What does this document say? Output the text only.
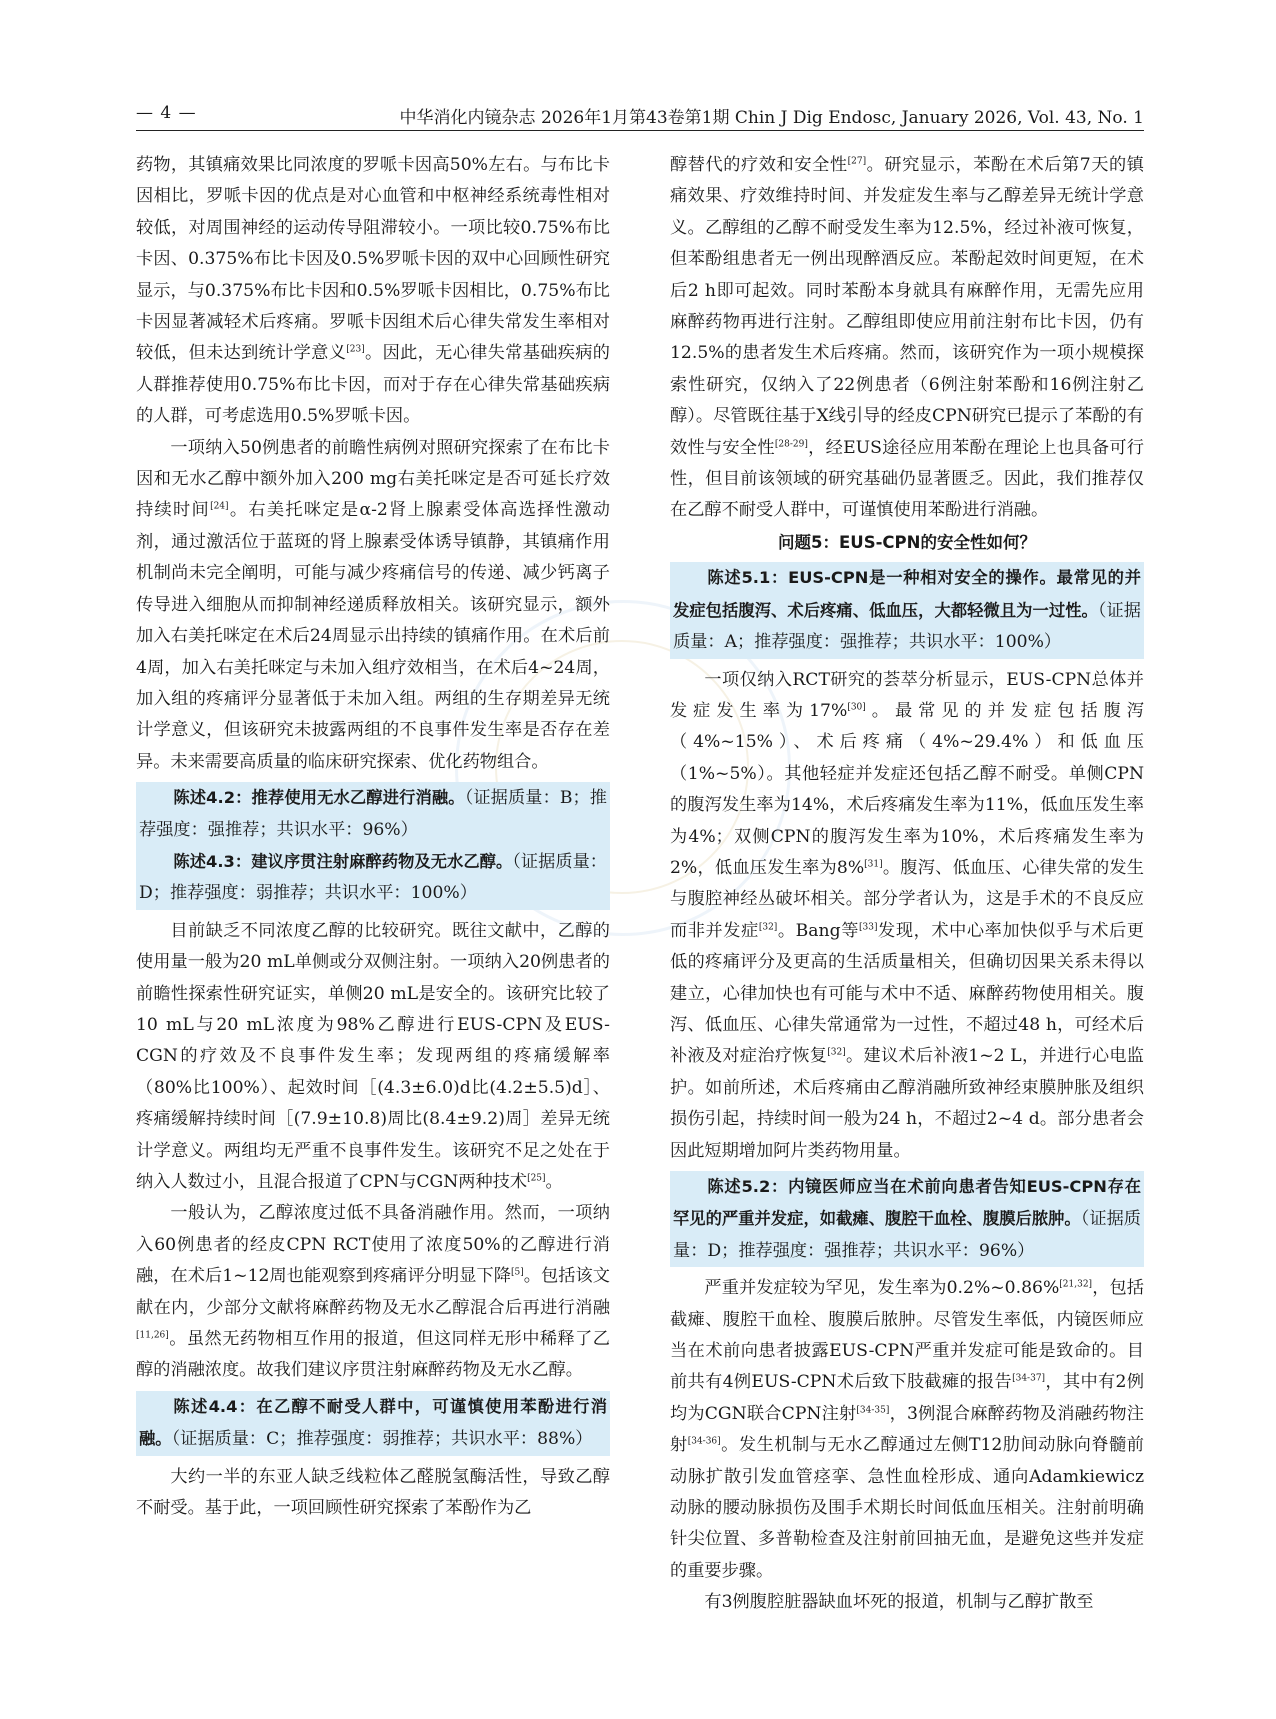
— 4 —	中华消化内镜杂志 2026年1月第43卷第1期 Chin J Dig Endosc, January 2026, Vol. 43, No. 1

药物，其镇痛效果比同浓度的罗哌卡因高50%左右。与布比卡因相比，罗哌卡因的优点是对心血管和中枢神经系统毒性相对较低，对周围神经的运动传导阻滞较小。一项比较0.75%布比卡因、0.375%布比卡因及0.5%罗哌卡因的双中心回顾性研究显示，与0.375%布比卡因和0.5%罗哌卡因相比，0.75%布比卡因显著减轻术后疼痛。罗哌卡因组术后心律失常发生率相对较低，但未达到统计学意义[23]。因此，无心律失常基础疾病的人群推荐使用0.75%布比卡因，而对于存在心律失常基础疾病的人群，可考虑选用0.5%罗哌卡因。

一项纳入50例患者的前瞻性病例对照研究探索了在布比卡因和无水乙醇中额外加入200 mg右美托咪定是否可延长疗效持续时间[24]。右美托咪定是α-2肾上腺素受体高选择性激动剂，通过激活位于蓝斑的肾上腺素受体诱导镇静，其镇痛作用机制尚未完全阐明，可能与减少疼痛信号的传递、减少钙离子传导进入细胞从而抑制神经递质释放相关。该研究显示，额外加入右美托咪定在术后24周显示出持续的镇痛作用。在术后前4周，加入右美托咪定与未加入组疗效相当，在术后4~24周，加入组的疼痛评分显著低于未加入组。两组的生存期差异无统计学意义，但该研究未披露两组的不良事件发生率是否存在差异。未来需要高质量的临床研究探索、优化药物组合。

陈述4.2：推荐使用无水乙醇进行消融。（证据质量：B；推荐强度：强推荐；共识水平：96%）

陈述4.3：建议序贯注射麻醉药物及无水乙醇。（证据质量：D；推荐强度：弱推荐；共识水平：100%）

目前缺乏不同浓度乙醇的比较研究。既往文献中，乙醇的使用量一般为20 mL单侧或分双侧注射。一项纳入20例患者的前瞻性探索性研究证实，单侧20 mL是安全的。该研究比较了10 mL与20 mL浓度为98%乙醇进行EUS-CPN及EUS-CGN的疗效及不良事件发生率；发现两组的疼痛缓解率（80%比100%）、起效时间［(4.3±6.0)d比(4.2±5.5)d］、疼痛缓解持续时间［(7.9±10.8)周比(8.4±9.2)周］差异无统计学意义。两组均无严重不良事件发生。该研究不足之处在于纳入人数过小，且混合报道了CPN与CGN两种技术[25]。

一般认为，乙醇浓度过低不具备消融作用。然而，一项纳入60例患者的经皮CPN RCT使用了浓度50%的乙醇进行消融，在术后1~12周也能观察到疼痛评分明显下降[5]。包括该文献在内，少部分文献将麻醉药物及无水乙醇混合后再进行消融[11,26]。虽然无药物相互作用的报道，但这同样无形中稀释了乙醇的消融浓度。故我们建议序贯注射麻醉药物及无水乙醇。

陈述4.4：在乙醇不耐受人群中，可谨慎使用苯酚进行消融。（证据质量：C；推荐强度：弱推荐；共识水平：88%）

大约一半的东亚人缺乏线粒体乙醛脱氢酶活性，导致乙醇不耐受。基于此，一项回顾性研究探索了苯酚作为乙

醇替代的疗效和安全性[27]。研究显示，苯酚在术后第7天的镇痛效果、疗效维持时间、并发症发生率与乙醇差异无统计学意义。乙醇组的乙醇不耐受发生率为12.5%，经过补液可恢复，但苯酚组患者无一例出现醉酒反应。苯酚起效时间更短，在术后2 h即可起效。同时苯酚本身就具有麻醉作用，无需先应用麻醉药物再进行注射。乙醇组即使应用前注射布比卡因，仍有12.5%的患者发生术后疼痛。然而，该研究作为一项小规模探索性研究，仅纳入了22例患者（6例注射苯酚和16例注射乙醇）。尽管既往基于X线引导的经皮CPN研究已提示了苯酚的有效性与安全性[28-29]，经EUS途径应用苯酚在理论上也具备可行性，但目前该领域的研究基础仍显著匮乏。因此，我们推荐仅在乙醇不耐受人群中，可谨慎使用苯酚进行消融。

问题5：EUS-CPN的安全性如何？

陈述5.1：EUS-CPN是一种相对安全的操作。最常见的并发症包括腹泻、术后疼痛、低血压，大都轻微且为一过性。（证据质量：A；推荐强度：强推荐；共识水平：100%）

一项仅纳入RCT研究的荟萃分析显示，EUS-CPN总体并发症发生率为17%[30]。最常见的并发症包括腹泻（4%~15%）、术后疼痛（4%~29.4%）和低血压（1%~5%）。其他轻症并发症还包括乙醇不耐受。单侧CPN的腹泻发生率为14%，术后疼痛发生率为11%，低血压发生率为4%；双侧CPN的腹泻发生率为10%，术后疼痛发生率为2%，低血压发生率为8%[31]。腹泻、低血压、心律失常的发生与腹腔神经丛破坏相关。部分学者认为，这是手术的不良反应而非并发症[32]。Bang等[33]发现，术中心率加快似乎与术后更低的疼痛评分及更高的生活质量相关，但确切因果关系未得以建立，心律加快也有可能与术中不适、麻醉药物使用相关。腹泻、低血压、心律失常通常为一过性，不超过48 h，可经术后补液及对症治疗恢复[32]。建议术后补液1~2 L，并进行心电监护。如前所述，术后疼痛由乙醇消融所致神经束膜肿胀及组织损伤引起，持续时间一般为24 h，不超过2~4 d。部分患者会因此短期增加阿片类药物用量。

陈述5.2：内镜医师应当在术前向患者告知EUS-CPN存在罕见的严重并发症，如截瘫、腹腔干血栓、腹膜后脓肿。（证据质量：D；推荐强度：强推荐；共识水平：96%）

严重并发症较为罕见，发生率为0.2%~0.86%[21,32]，包括截瘫、腹腔干血栓、腹膜后脓肿。尽管发生率低，内镜医师应当在术前向患者披露EUS-CPN严重并发症可能是致命的。目前共有4例EUS-CPN术后致下肢截瘫的报告[34-37]，其中有2例均为CGN联合CPN注射[34-35]，3例混合麻醉药物及消融药物注射[34-36]。发生机制与无水乙醇通过左侧T12肋间动脉向脊髓前动脉扩散引发血管痉挛、急性血栓形成、通向Adamkiewicz动脉的腰动脉损伤及围手术期长时间低血压相关。注射前明确针尖位置、多普勒检查及注射前回抽无血，是避免这些并发症的重要步骤。

有3例腹腔脏器缺血坏死的报道，机制与乙醇扩散至
